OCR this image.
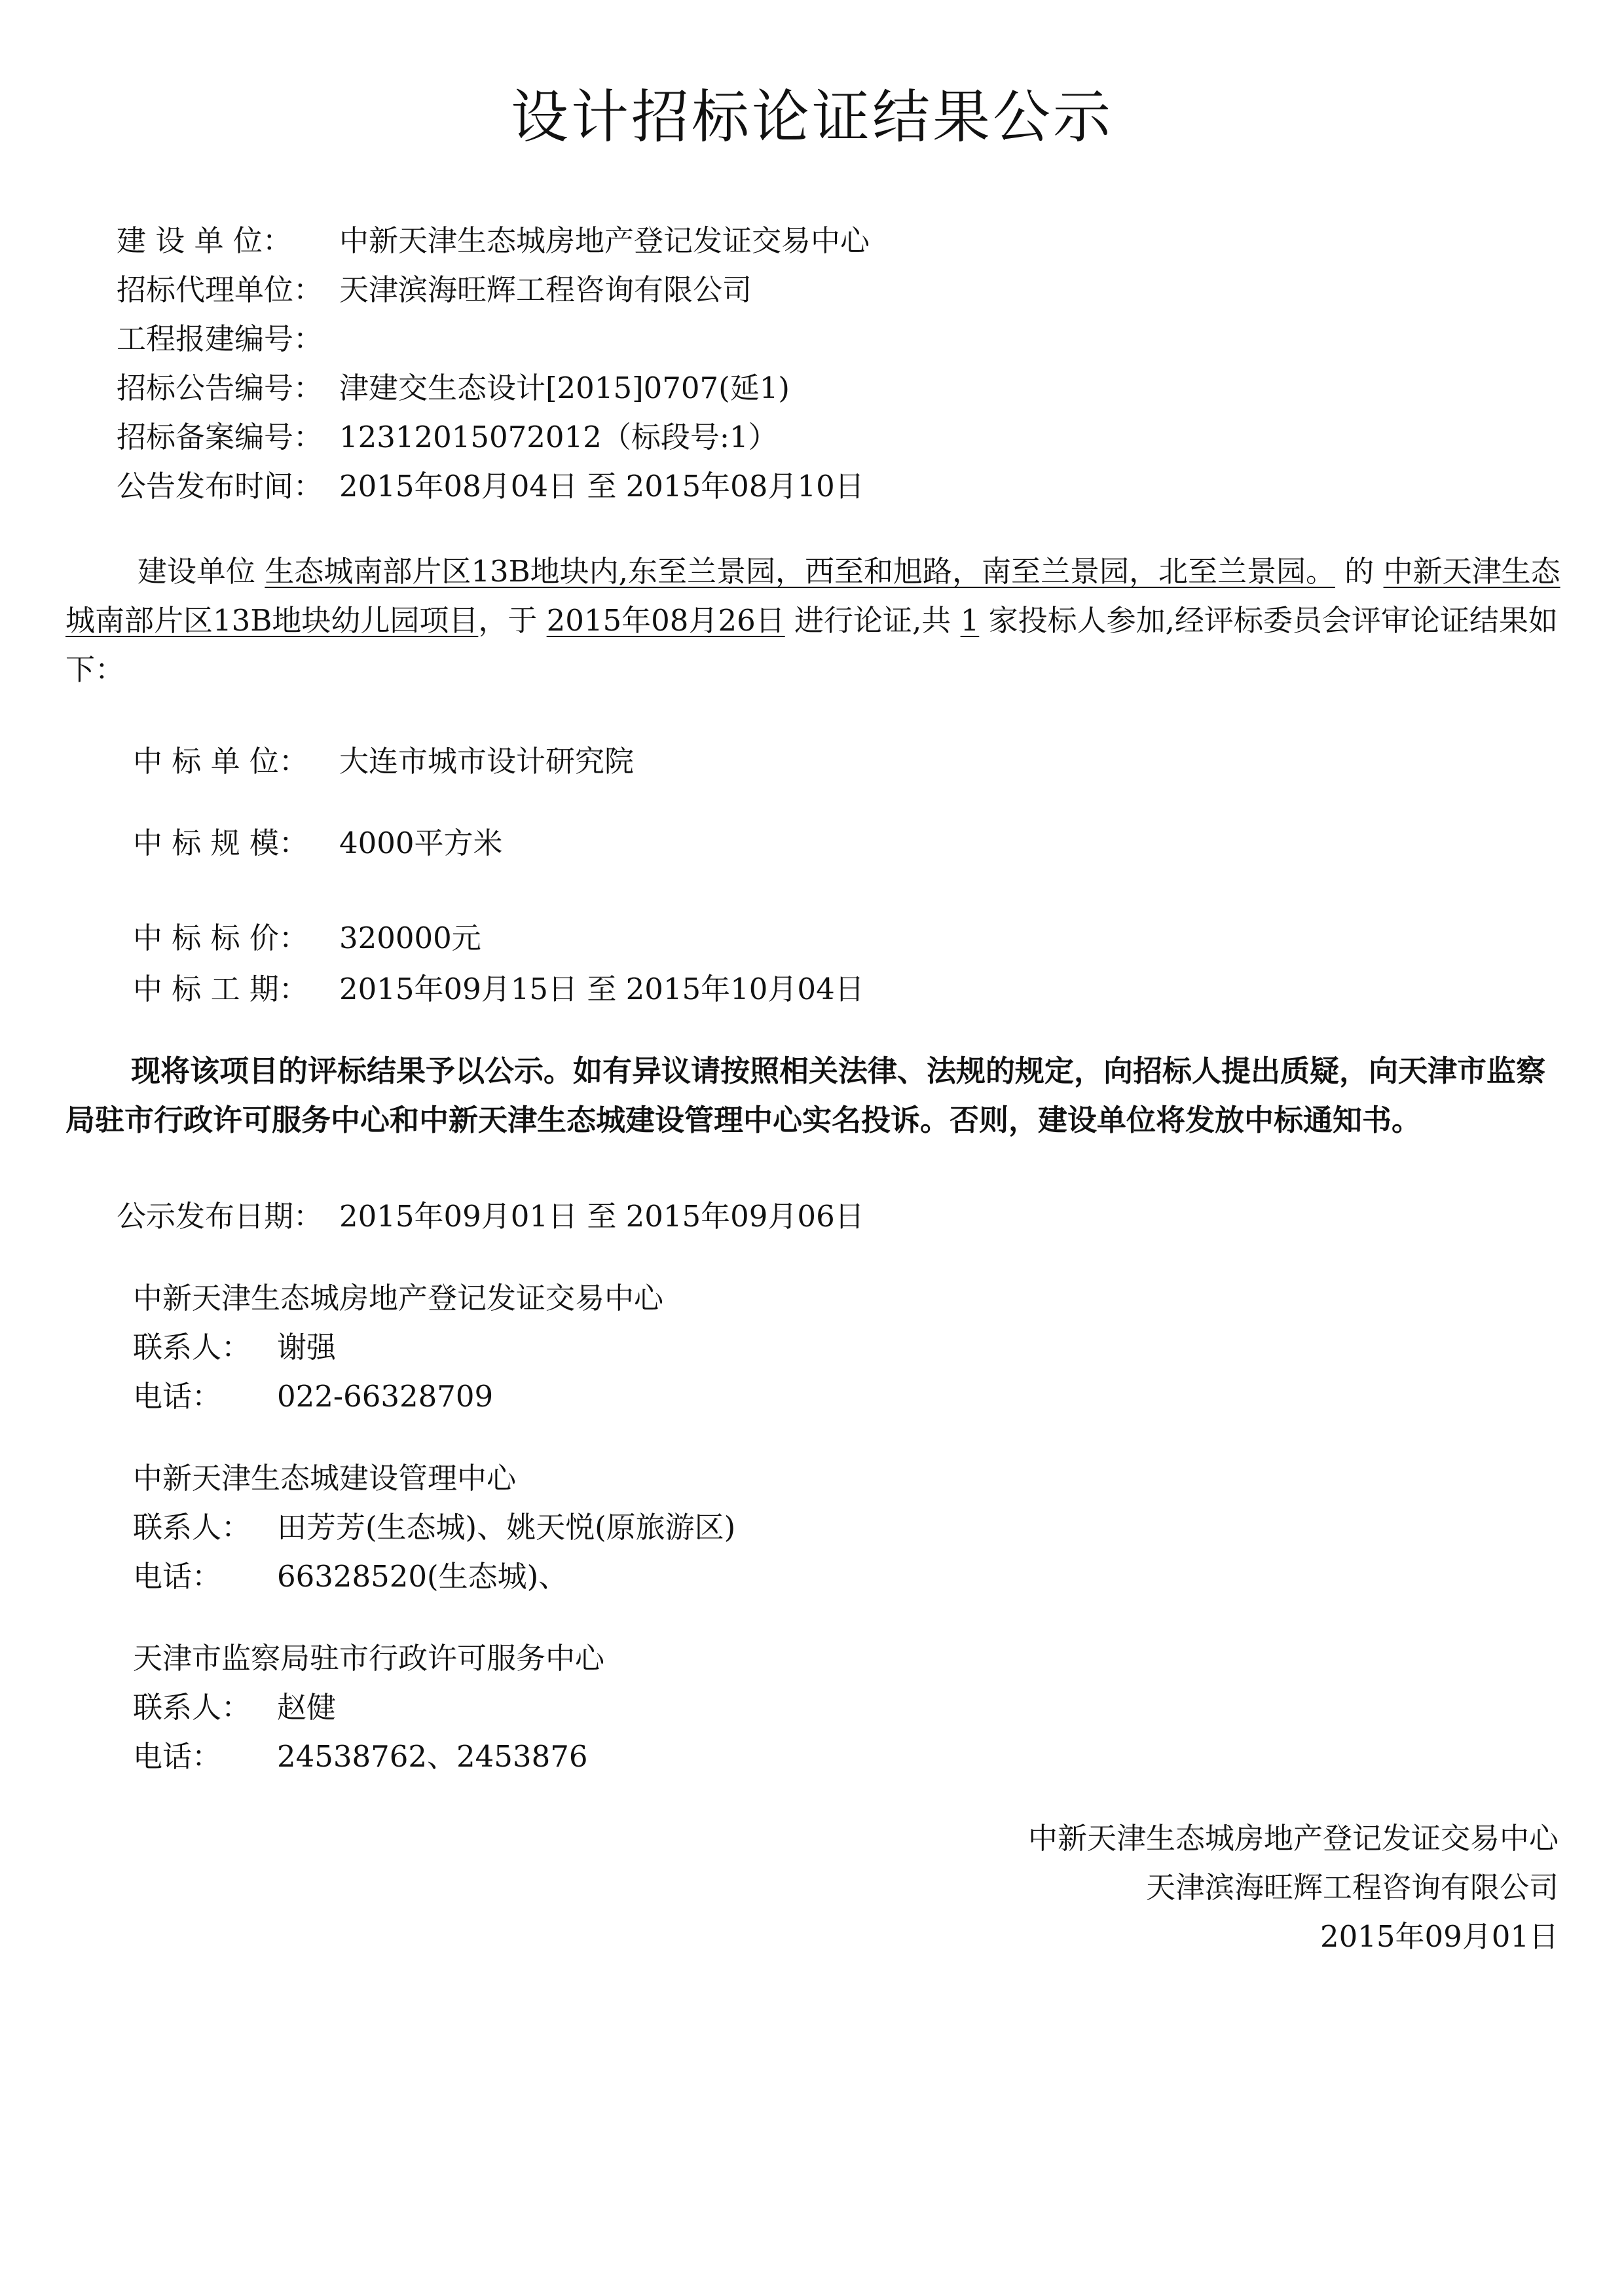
设计招标论证结果公示
建 设 单 位： 中新天津生态城房地产登记发证交易中心
招标代理单位： 天津滨海旺辉工程咨询有限公司
工程报建编号：
招标公告编号： 津建交生态设计[2015]0707(延1)
招标备案编号： 12312015072012（标段号:1）
公告发布时间： 2015年08月04日 至 2015年08月10日
建设单位 生态城南部片区13B地块内,东至兰景园，西至和旭路，南至兰景园，北至兰景园。 的 中新天津生态城南部片区13B地块幼儿园项目，于 2015年08月26日 进行论证,共 1 家投标人参加,经评标委员会评审论证结果如下：
中 标 单 位： 大连市城市设计研究院
中 标 规 模： 4000平方米
中 标 标 价： 320000元
中 标 工 期： 2015年09月15日 至 2015年10月04日
现将该项目的评标结果予以公示。如有异议请按照相关法律、法规的规定，向招标人提出质疑，向天津市监察局驻市行政许可服务中心和中新天津生态城建设管理中心实名投诉。否则，建设单位将发放中标通知书。
公示发布日期： 2015年09月01日 至 2015年09月06日
中新天津生态城房地产登记发证交易中心
联系人： 谢强
电话： 022-66328709
中新天津生态城建设管理中心
联系人： 田芳芳(生态城)、姚天悦(原旅游区)
电话： 66328520(生态城)、
天津市监察局驻市行政许可服务中心
联系人： 赵健
电话： 24538762、2453876
中新天津生态城房地产登记发证交易中心
天津滨海旺辉工程咨询有限公司
2015年09月01日
